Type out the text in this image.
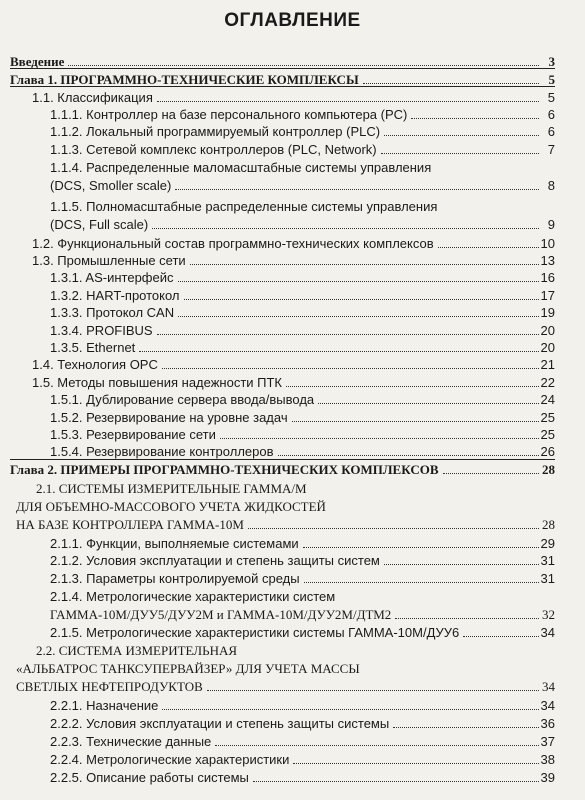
ОГЛАВЛЕНИЕ
Введение	3
Глава 1. ПРОГРАММНО-ТЕХНИЧЕСКИЕ КОМПЛЕКСЫ	5
1.1. Классификация	5
1.1.1. Контроллер на базе персонального компьютера (PC)	6
1.1.2. Локальный программируемый контроллер (PLC)	6
1.1.3. Сетевой комплекс контроллеров (PLC, Network)	7
1.1.4. Распределенные маломасштабные системы управления
(DCS, Smoller scale)	8
1.1.5. Полномасштабные распределенные системы управления
(DCS, Full scale)	9
1.2. Функциональный состав программно-технических комплексов	10
1.3. Промышленные сети	13
1.3.1. AS-интерфейс	16
1.3.2. HART-протокол	17
1.3.3. Протокол CAN	19
1.3.4. PROFIBUS	20
1.3.5. Ethernet	20
1.4. Технология OPC	21
1.5. Методы повышения надежности ПТК	22
1.5.1. Дублирование сервера ввода/вывода	24
1.5.2. Резервирование на уровне задач	25
1.5.3. Резервирование сети	25
1.5.4. Резервирование контроллеров	26
Глава 2. ПРИМЕРЫ ПРОГРАММНО-ТЕХНИЧЕСКИХ КОМПЛЕКСОВ	28
2.1. СИСТЕМЫ ИЗМЕРИТЕЛЬНЫЕ ГАММА/М
ДЛЯ ОБЪЕМНО-МАССОВОГО УЧЕТА ЖИДКОСТЕЙ
НА БАЗЕ КОНТРОЛЛЕРА ГАММА-10М	28
2.1.1. Функции, выполняемые системами	29
2.1.2. Условия эксплуатации и степень защиты систем	31
2.1.3. Параметры контролируемой среды	31
2.1.4. Метрологические характеристики систем
ГАММА-10М/ДУУ5/ДУУ2М и ГАММА-10М/ДУУ2М/ДТМ2	32
2.1.5. Метрологические характеристики системы ГАММА-10М/ДУУ6	34
2.2. СИСТЕМА ИЗМЕРИТЕЛЬНАЯ
«АЛЬБАТРОС ТАНКСУПЕРВАЙЗЕР» ДЛЯ УЧЕТА МАССЫ
СВЕТЛЫХ НЕФТЕПРОДУКТОВ	34
2.2.1. Назначение	34
2.2.2. Условия эксплуатации и степень защиты системы	36
2.2.3. Технические данные	37
2.2.4. Метрологические характеристики	38
2.2.5. Описание работы системы	39
